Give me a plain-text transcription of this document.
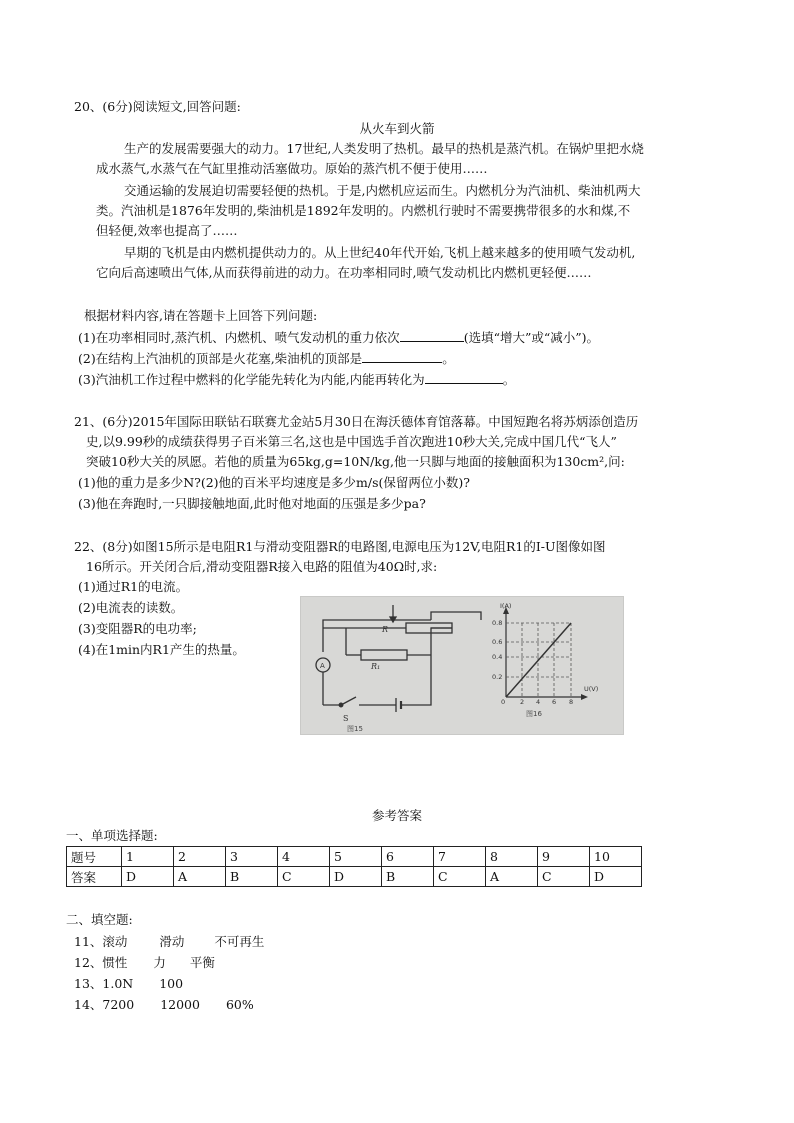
20、(6分)阅读短文,回答问题:
从火车到火箭
生产的发展需要强大的动力。17世纪,人类发明了热机。最早的热机是蒸汽机。在锅炉里把水烧
成水蒸气,水蒸气在气缸里推动活塞做功。原始的蒸汽机不便于使用……
交通运输的发展迫切需要轻便的热机。于是,内燃机应运而生。内燃机分为汽油机、柴油机两大
类。汽油机是1876年发明的,柴油机是1892年发明的。内燃机行驶时不需要携带很多的水和煤,不
但轻便,效率也提高了……
早期的飞机是由内燃机提供动力的。从上世纪40年代开始,飞机上越来越多的使用喷气发动机,
它向后高速喷出气体,从而获得前进的动力。在功率相同时,喷气发动机比内燃机更轻便……
根据材料内容,请在答题卡上回答下列问题:
(1)在功率相同时,蒸汽机、内燃机、喷气发动机的重力依次	(选填“增大”或“减小”)。
(2)在结构上汽油机的顶部是火花塞,柴油机的顶部是	。
(3)汽油机工作过程中燃料的化学能先转化为内能,内能再转化为	。
21、(6分)2015年国际田联钻石联赛尤金站5月30日在海沃德体育馆落幕。中国短跑名将苏炳添创造历
史,以9.99秒的成绩获得男子百米第三名,这也是中国选手首次跑进10秒大关,完成中国几代“飞人”
突破10秒大关的夙愿。若他的质量为65kg,g=10N/kg,他一只脚与地面的接触面积为130cm²,问:
(1)他的重力是多少N?(2)他的百米平均速度是多少m/s(保留两位小数)?
(3)他在奔跑时,一只脚接触地面,此时他对地面的压强是多少pa?
22、(8分)如图15所示是电阻R1与滑动变阻器R的电路图,电源电压为12V,电阻R1的I-U图像如图
16所示。开关闭合后,滑动变阻器R接入电路的阻值为40Ω时,求:
(1)通过R1的电流。
(2)电流表的读数。
(3)变阻器R的电功率;
(4)在1min内R1产生的热量。
R
R₁
A
S
图15
I(A)
U(V)
0
0.8
0.6
0.4
0.2
2 4 6 8
图16
参考答案
一、单项选择题:
题号	1	2	3	4	5	6	7	8	9	10
答案	D	A	B	C	D	B	C	A	C	D
二、填空题:
11、滚动	滑动 不可再生
12、惯性 力 平衡
13、1.0N 100
14、7200 12000 60%
